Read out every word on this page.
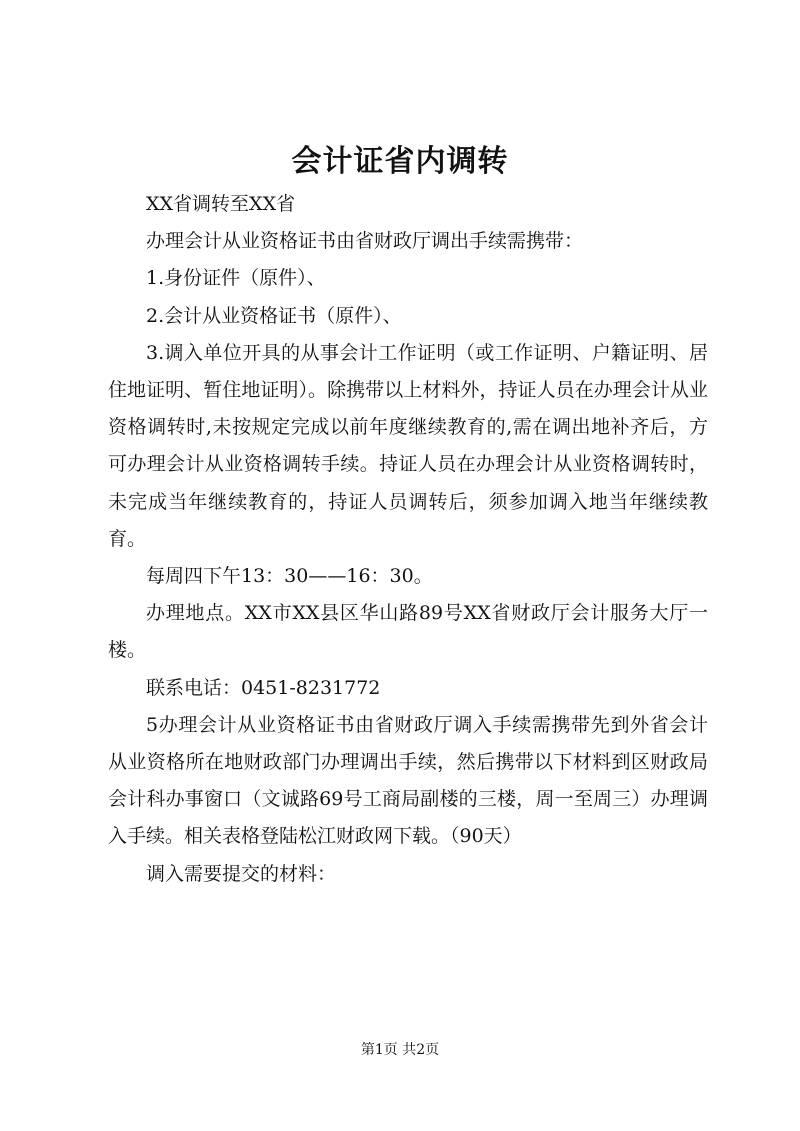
会计证省内调转

XX省调转至XX省

办理会计从业资格证书由省财政厅调出手续需携带：

1.身份证件（原件）、

2.会计从业资格证书（原件）、

3.调入单位开具的从事会计工作证明（或工作证明、户籍证明、居住地证明、暂住地证明）。除携带以上材料外，持证人员在办理会计从业资格调转时,未按规定完成以前年度继续教育的,需在调出地补齐后，方可办理会计从业资格调转手续。持证人员在办理会计从业资格调转时，未完成当年继续教育的，持证人员调转后，须参加调入地当年继续教育。

每周四下午13：30——16：30。

办理地点。XX市XX县区华山路89号XX省财政厅会计服务大厅一楼。

联系电话：0451-8231772

5办理会计从业资格证书由省财政厅调入手续需携带先到外省会计从业资格所在地财政部门办理调出手续，然后携带以下材料到区财政局会计科办事窗口（文诚路69号工商局副楼的三楼，周一至周三）办理调入手续。相关表格登陆松江财政网下载。（90天）

调入需要提交的材料：

第1页 共2页
